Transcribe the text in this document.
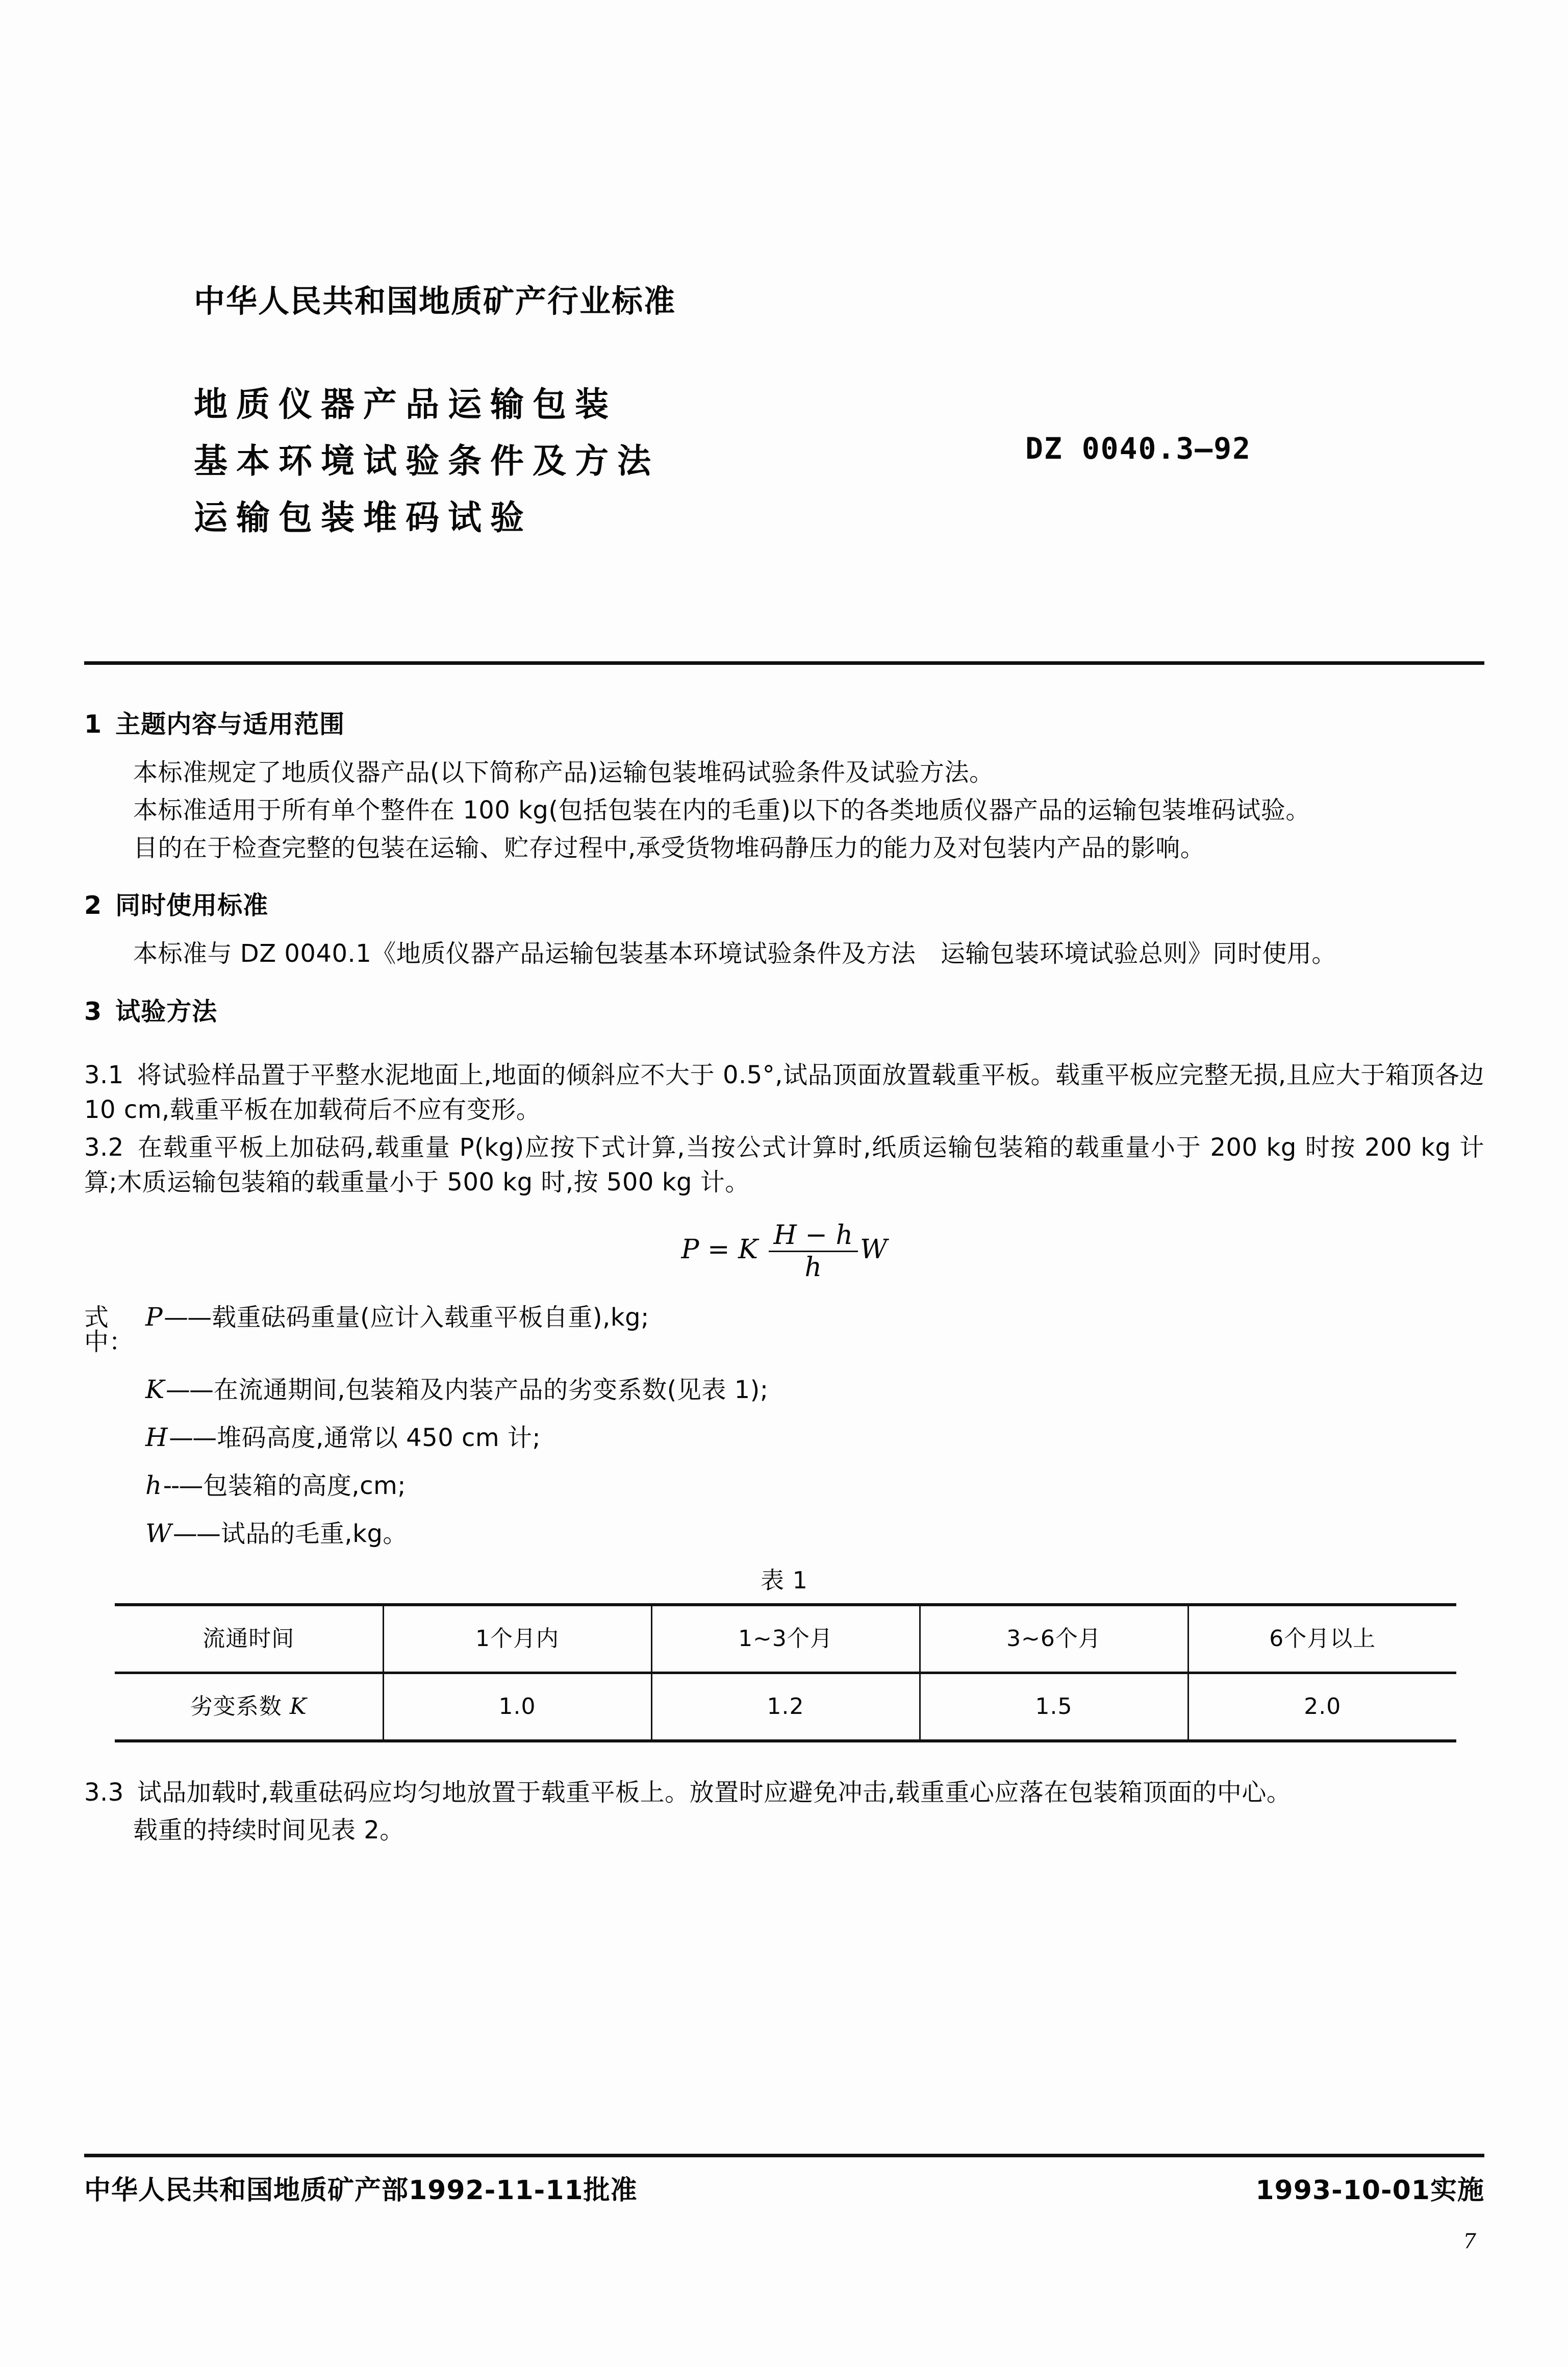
中华人民共和国地质矿产行业标准
地质仪器产品运输包装
基本环境试验条件及方法
运输包装堆码试验
DZ 0040.3—92
1 主题内容与适用范围

本标准规定了地质仪器产品(以下简称产品)运输包装堆码试验条件及试验方法。

本标准适用于所有单个整件在 100 kg(包括包装在内的毛重)以下的各类地质仪器产品的运输包装堆码试验。

目的在于检查完整的包装在运输、贮存过程中,承受货物堆码静压力的能力及对包装内产品的影响。

2 同时使用标准

本标准与 DZ 0040.1《地质仪器产品运输包装基本环境试验条件及方法　运输包装环境试验总则》同时使用。

3 试验方法

3.1 将试验样品置于平整水泥地面上,地面的倾斜应不大于 0.5°,试品顶面放置载重平板。载重平板应完整无损,且应大于箱顶各边 10 cm,载重平板在加载荷后不应有变形。

3.2 在载重平板上加砝码,载重量 P(kg)应按下式计算,当按公式计算时,纸质运输包装箱的载重量小于 200 kg 时按 200 kg 计算;木质运输包装箱的载重量小于 500 kg 时,按 500 kg 计。

P = K $\frac{H - h}{h}$ W
式中：
P —— 载重砝码重量(应计入载重平板自重),kg;
K —— 在流通期间,包装箱及内装产品的劣变系数(见表 1);
H —— 堆码高度,通常以 450 cm 计;
h --— 包装箱的高度,cm;
W —— 试品的毛重,kg。
表 1
流通时间	1个月内	1~3个月	3~6个月	6个月以上
劣变系数 K	1.0	1.2	1.5	2.0

3.3 试品加载时,载重砝码应均匀地放置于载重平板上。放置时应避免冲击,载重重心应落在包装箱顶面的中心。

载重的持续时间见表 2。

中华人民共和国地质矿产部1992-11-11批准	1993-10-01实施
7
